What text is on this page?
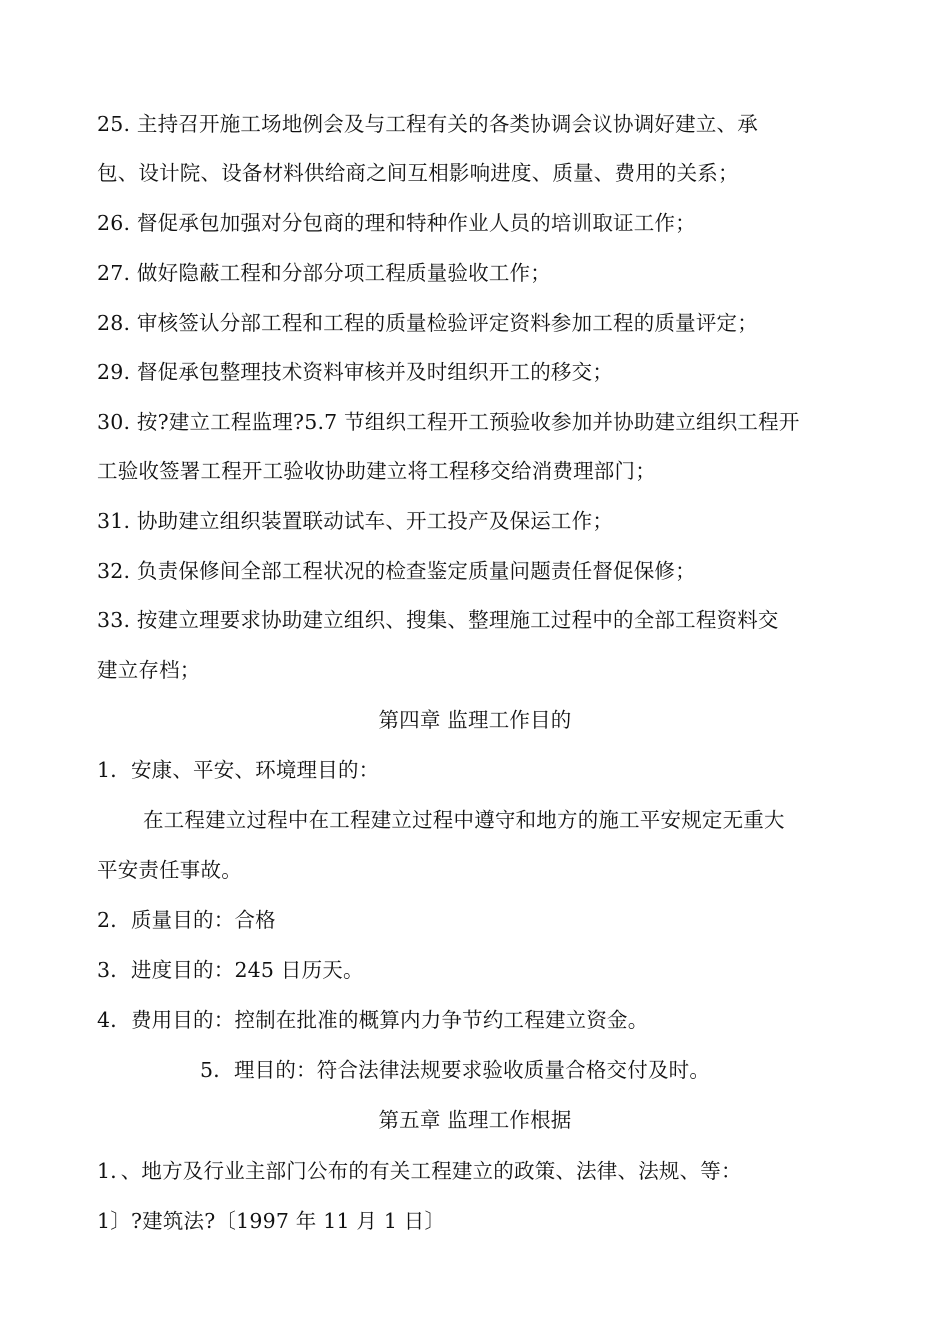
25. 主持召开施工场地例会及与工程有关的各类协调会议协调好建立、承
包、设计院、设备材料供给商之间互相影响进度、质量、费用的关系；
26. 督促承包加强对分包商的理和特种作业人员的培训取证工作；
27. 做好隐蔽工程和分部分项工程质量验收工作；
28. 审核签认分部工程和工程的质量检验评定资料参加工程的质量评定；
29. 督促承包整理技术资料审核并及时组织开工的移交；
30. 按?建立工程监理?5.7 节组织工程开工预验收参加并协助建立组织工程开
工验收签署工程开工验收协助建立将工程移交给消费理部门；
31. 协助建立组织装置联动试车、开工投产及保运工作；
32. 负责保修间全部工程状况的检查鉴定质量问题责任督促保修；
33. 按建立理要求协助建立组织、搜集、整理施工过程中的全部工程资料交
建立存档；
第四章 监理工作目的
1．安康、平安、环境理目的：
在工程建立过程中在工程建立过程中遵守和地方的施工平安规定无重大
平安责任事故。
2．质量目的：合格
3．进度目的：245 日历天。
4．费用目的：控制在批准的概算内力争节约工程建立资金。
5．理目的：符合法律法规要求验收质量合格交付及时。
第五章 监理工作根据
1．、地方及行业主部门公布的有关工程建立的政策、法律、法规、等：
1〕?建筑法?〔1997 年 11 月 1 日〕
